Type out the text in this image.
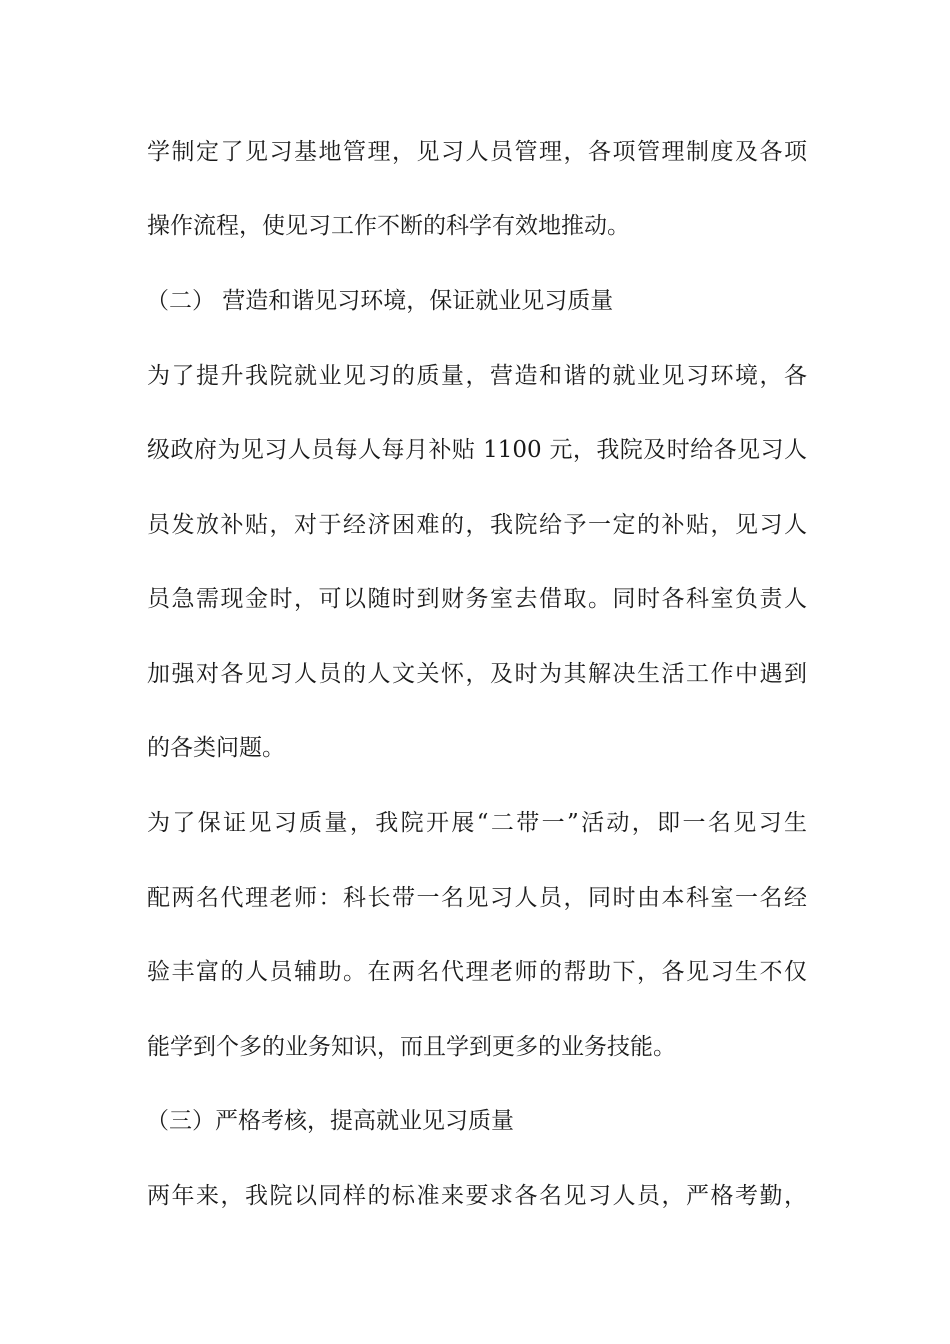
学制定了见习基地管理，见习人员管理，各项管理制度及各项
操作流程，使见习工作不断的科学有效地推动。
（二） 营造和谐见习环境，保证就业见习质量
为了提升我院就业见习的质量，营造和谐的就业见习环境，各
级政府为见习人员每人每月补贴 1100 元，我院及时给各见习人
员发放补贴，对于经济困难的，我院给予一定的补贴，见习人
员急需现金时，可以随时到财务室去借取。同时各科室负责人
加强对各见习人员的人文关怀，及时为其解决生活工作中遇到
的各类问题。
为了保证见习质量，我院开展“二带一”活动，即一名见习生
配两名代理老师：科长带一名见习人员，同时由本科室一名经
验丰富的人员辅助。在两名代理老师的帮助下，各见习生不仅
能学到个多的业务知识，而且学到更多的业务技能。
（三）严格考核，提高就业见习质量
两年来，我院以同样的标准来要求各名见习人员，严格考勤，
